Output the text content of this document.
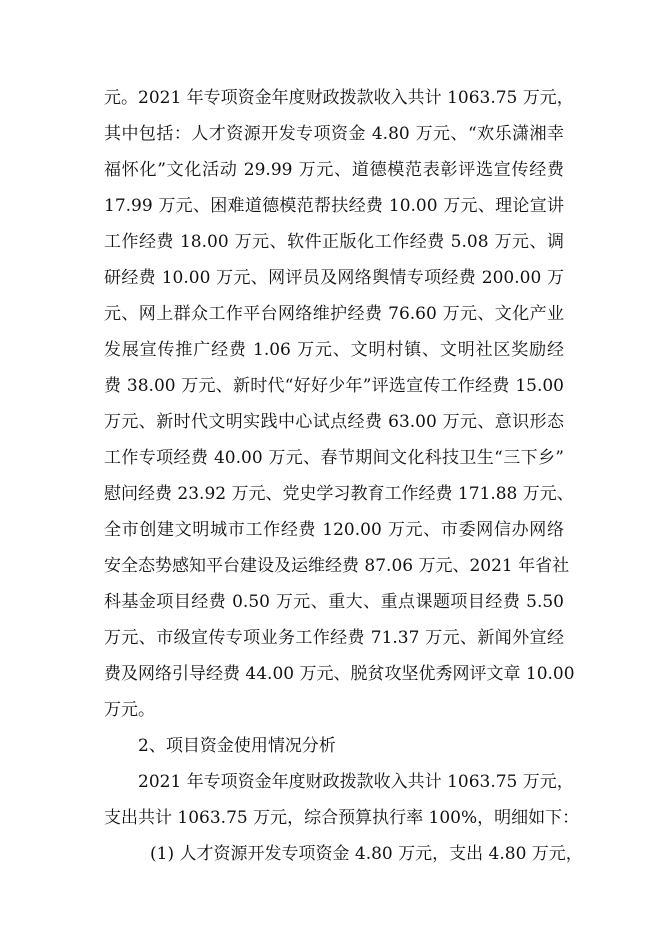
元。2021 年专项资金年度财政拨款收入共计 1063.75 万元，
其中包括：人才资源开发专项资金 4.80 万元、“欢乐潇湘幸
福怀化”文化活动 29.99 万元、道德模范表彰评选宣传经费
17.99 万元、困难道德模范帮扶经费 10.00 万元、理论宣讲
工作经费 18.00 万元、软件正版化工作经费 5.08 万元、调
研经费 10.00 万元、网评员及网络舆情专项经费 200.00 万
元、网上群众工作平台网络维护经费 76.60 万元、文化产业
发展宣传推广经费 1.06 万元、文明村镇、文明社区奖励经
费 38.00 万元、新时代“好好少年”评选宣传工作经费 15.00
万元、新时代文明实践中心试点经费 63.00 万元、意识形态
工作专项经费 40.00 万元、春节期间文化科技卫生“三下乡”
慰问经费 23.92 万元、党史学习教育工作经费 171.88 万元、
全市创建文明城市工作经费 120.00 万元、市委网信办网络
安全态势感知平台建设及运维经费 87.06 万元、2021 年省社
科基金项目经费 0.50 万元、重大、重点课题项目经费 5.50
万元、市级宣传专项业务工作经费 71.37 万元、新闻外宣经
费及网络引导经费 44.00 万元、脱贫攻坚优秀网评文章 10.00
万元。
2、项目资金使用情况分析
2021 年专项资金年度财政拨款收入共计 1063.75 万元，
支出共计 1063.75 万元，综合预算执行率 100%，明细如下：
(1) 人才资源开发专项资金 4.80 万元，支出 4.80 万元，
